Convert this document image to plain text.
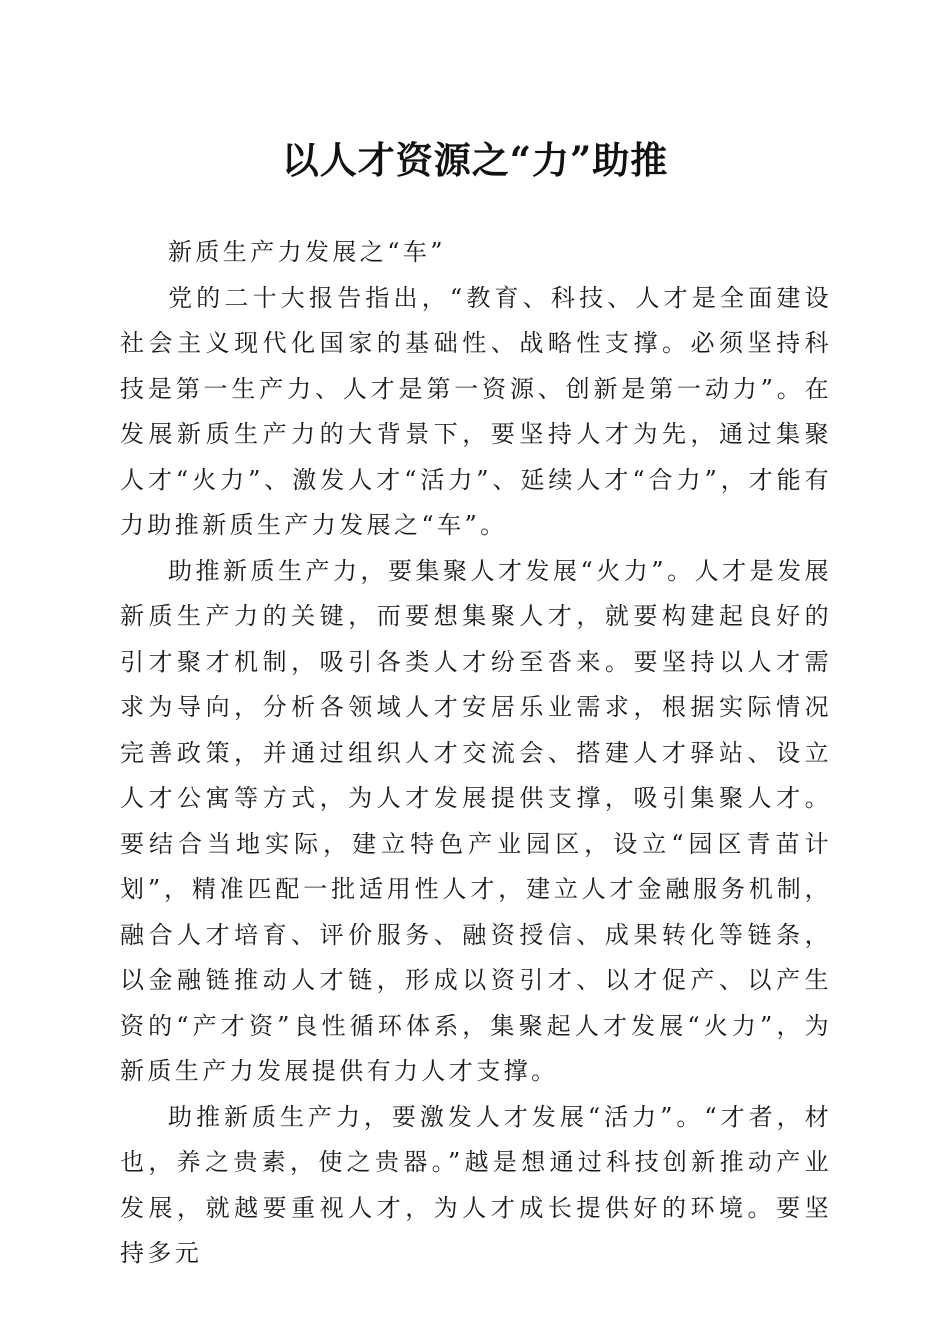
以人才资源之“力”助推

新质生产力发展之“车”

党的二十大报告指出，“教育、科技、人才是全面建设社会主义现代化国家的基础性、战略性支撑。必须坚持科技是第一生产力、人才是第一资源、创新是第一动力”。在发展新质生产力的大背景下，要坚持人才为先，通过集聚人才“火力”、激发人才“活力”、延续人才“合力”，才能有力助推新质生产力发展之“车”。

助推新质生产力，要集聚人才发展“火力”。人才是发展新质生产力的关键，而要想集聚人才，就要构建起良好的引才聚才机制，吸引各类人才纷至沓来。要坚持以人才需求为导向，分析各领域人才安居乐业需求，根据实际情况完善政策，并通过组织人才交流会、搭建人才驿站、设立人才公寓等方式，为人才发展提供支撑，吸引集聚人才。要结合当地实际，建立特色产业园区，设立“园区青苗计划”，精准匹配一批适用性人才，建立人才金融服务机制，融合人才培育、评价服务、融资授信、成果转化等链条，以金融链推动人才链，形成以资引才、以才促产、以产生资的“产才资”良性循环体系，集聚起人才发展“火力”，为新质生产力发展提供有力人才支撑。

助推新质生产力，要激发人才发展“活力”。“才者，材也，养之贵素，使之贵器。”越是想通过科技创新推动产业发展，就越要重视人才，为人才成长提供好的环境。要坚持多元
